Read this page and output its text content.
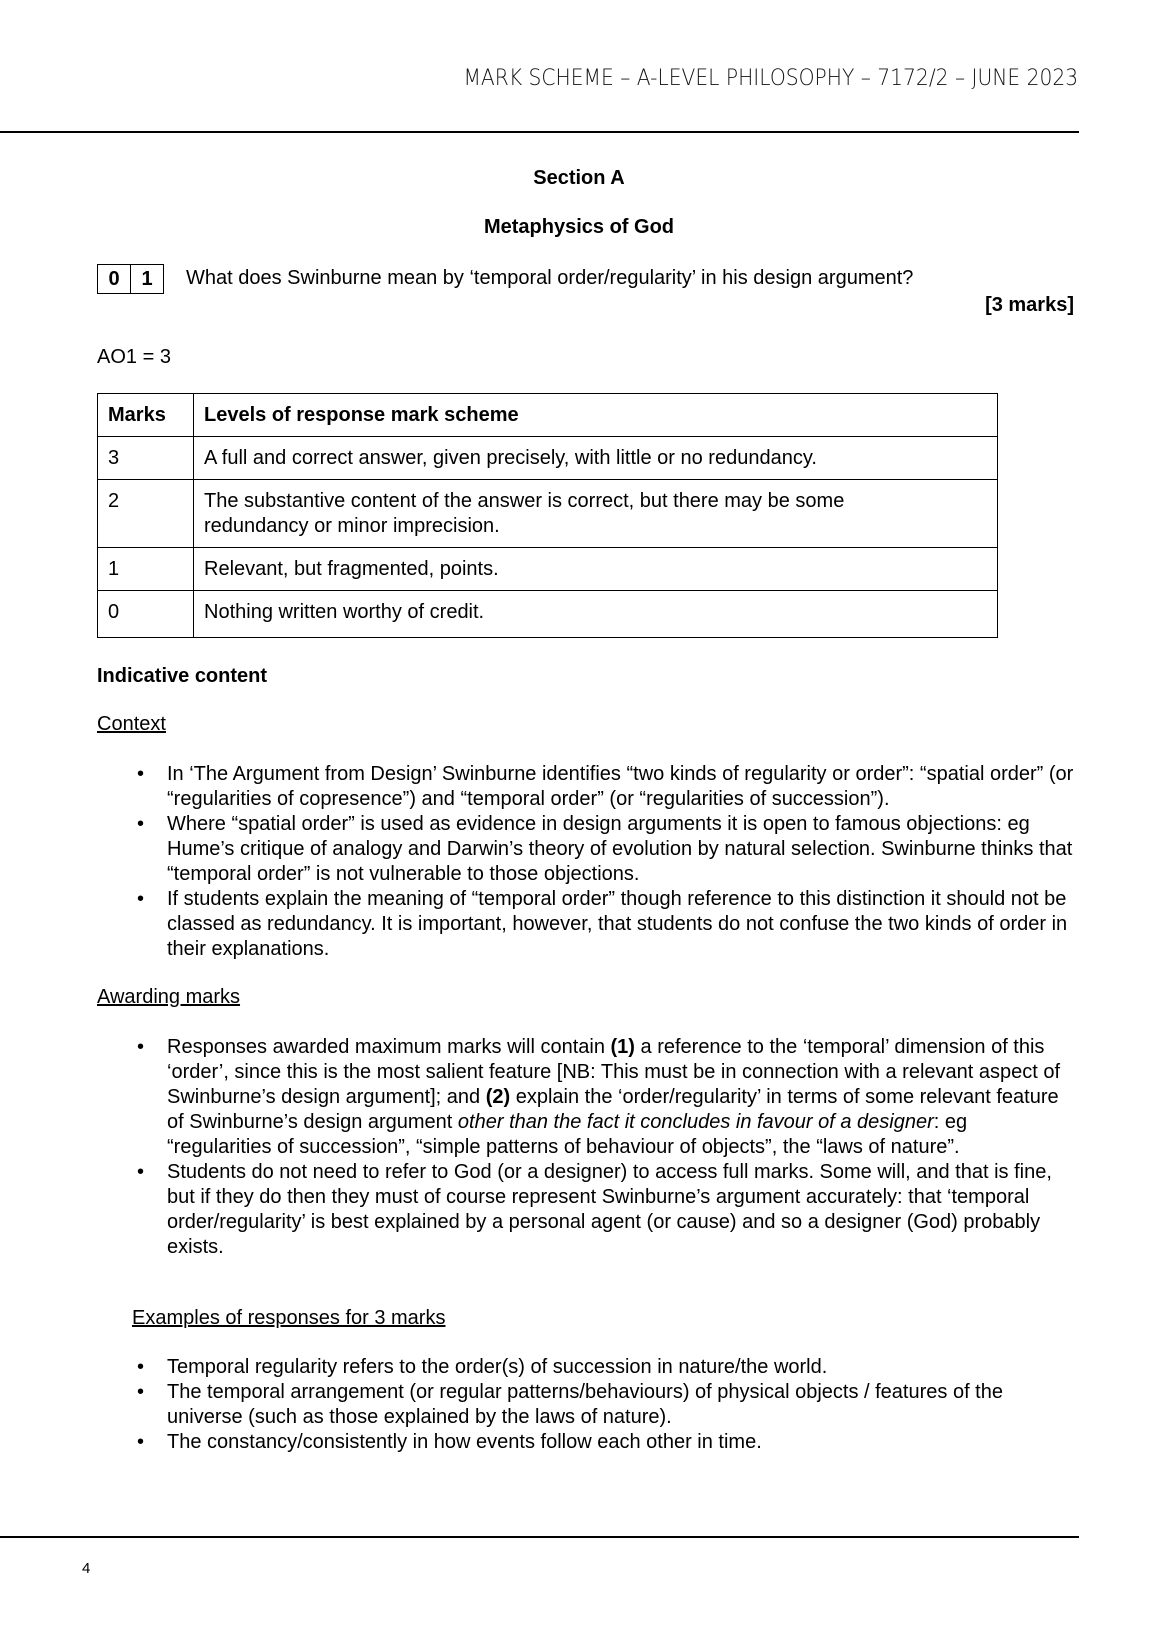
MARK SCHEME – A-LEVEL PHILOSOPHY – 7172/2 – JUNE 2023
Section A
Metaphysics of God
0	1	What does Swinburne mean by ‘temporal order/regularity’ in his design argument?
[3 marks]
AO1 = 3
Marks	Levels of response mark scheme
3	A full and correct answer, given precisely, with little or no redundancy.
2	The substantive content of the answer is correct, but there may be some redundancy or minor imprecision.
1	Relevant, but fragmented, points.
0	Nothing written worthy of credit.
Indicative content
Context
• In ‘The Argument from Design’ Swinburne identifies “two kinds of regularity or order”: “spatial order” (or “regularities of copresence”) and “temporal order” (or “regularities of succession”).
• Where “spatial order” is used as evidence in design arguments it is open to famous objections: eg Hume’s critique of analogy and Darwin’s theory of evolution by natural selection. Swinburne thinks that “temporal order” is not vulnerable to those objections.
• If students explain the meaning of “temporal order” though reference to this distinction it should not be classed as redundancy. It is important, however, that students do not confuse the two kinds of order in their explanations.
Awarding marks
• Responses awarded maximum marks will contain (1) a reference to the ‘temporal’ dimension of this ‘order’, since this is the most salient feature [NB: This must be in connection with a relevant aspect of Swinburne’s design argument]; and (2) explain the ‘order/regularity’ in terms of some relevant feature of Swinburne’s design argument other than the fact it concludes in favour of a designer: eg “regularities of succession”, “simple patterns of behaviour of objects”, the “laws of nature”.
• Students do not need to refer to God (or a designer) to access full marks. Some will, and that is fine, but if they do then they must of course represent Swinburne’s argument accurately: that ‘temporal order/regularity’ is best explained by a personal agent (or cause) and so a designer (God) probably exists.
Examples of responses for 3 marks
• Temporal regularity refers to the order(s) of succession in nature/the world.
• The temporal arrangement (or regular patterns/behaviours) of physical objects / features of the universe (such as those explained by the laws of nature).
• The constancy/consistently in how events follow each other in time.
4
